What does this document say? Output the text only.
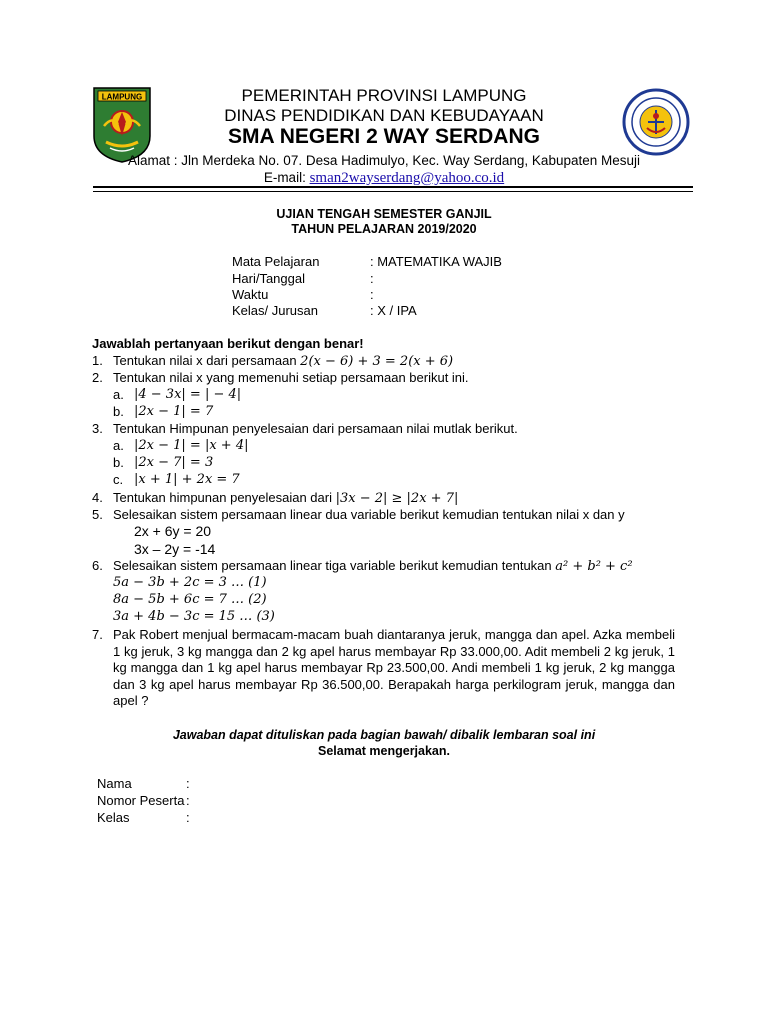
LAMPUNG	PEMERINTAH PROVINSI LAMPUNG
DINAS PENDIDIKAN DAN KEBUDAYAAN
SMA NEGERI 2 WAY SERDANG
Alamat : Jln Merdeka No. 07. Desa Hadimulyo, Kec. Way Serdang, Kabupaten Mesuji
E-mail: sman2wayserdang@yahoo.co.id
UJIAN TENGAH SEMESTER GANJIL
TAHUN PELAJARAN 2019/2020
Mata Pelajaran	: MATEMATIKA WAJIB
Hari/Tanggal	:
Waktu	:
Kelas/ Jurusan	: X / IPA
Jawablah pertanyaan berikut dengan benar!
1. Tentukan nilai x dari persamaan 2(x − 6) + 3 = 2(x + 6)
2. Tentukan nilai x yang memenuhi setiap persamaan berikut ini.
a. |4 − 3x| = | − 4|
b. |2x − 1| = 7
3. Tentukan Himpunan penyelesaian dari persamaan nilai mutlak berikut.
a. |2x − 1| = |x + 4|
b. |2x − 7| = 3
c. |x + 1| + 2x = 7
4. Tentukan himpunan penyelesaian dari |3x − 2| ≥ |2x + 7|
5. Selesaikan sistem persamaan linear dua variable berikut kemudian tentukan nilai x dan y
2x + 6y = 20
3x – 2y = -14
6. Selesaikan sistem persamaan linear tiga variable berikut kemudian tentukan a² + b² + c²
5a − 3b + 2c = 3 … (1)
8a − 5b + 6c = 7 … (2)
3a + 4b − 3c = 15 … (3)
7. Pak Robert menjual bermacam-macam buah diantaranya jeruk, mangga dan apel. Azka membeli 1 kg jeruk, 3 kg mangga dan 2 kg apel harus membayar Rp 33.000,00. Adit membeli 2 kg jeruk, 1 kg mangga dan 1 kg apel harus membayar Rp 23.500,00. Andi membeli 1 kg jeruk, 2 kg mangga dan 3 kg apel harus membayar Rp 36.500,00. Berapakah harga perkilogram jeruk, mangga dan apel ?
Jawaban dapat dituliskan pada bagian bawah/ dibalik lembaran soal ini
Selamat mengerjakan.
Nama	:
Nomor Peserta :
Kelas	:
